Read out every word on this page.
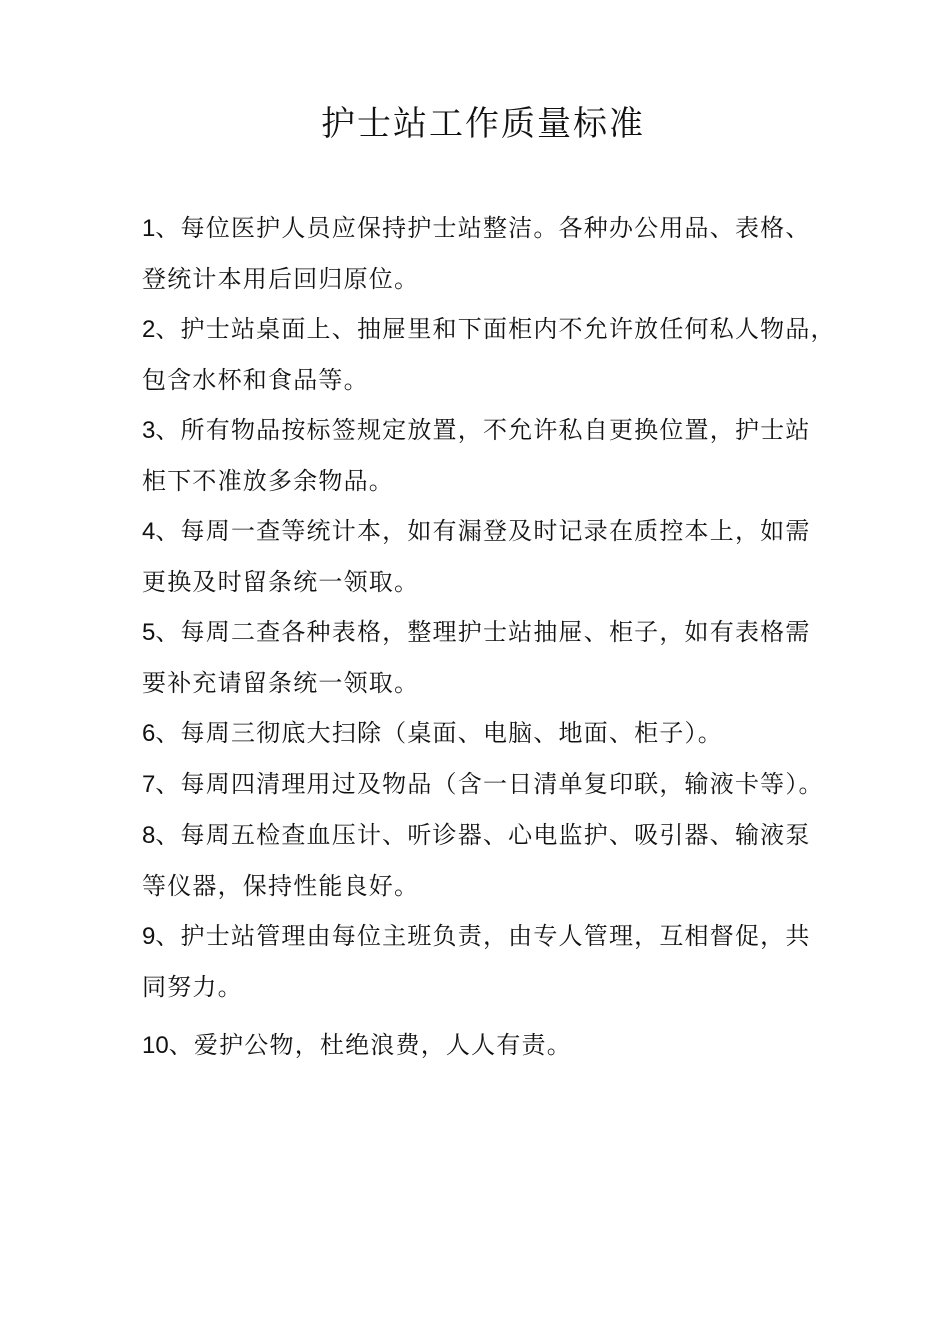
护士站工作质量标准
1、每位医护人员应保持护士站整洁。各种办公用品、表格、
登统计本用后回归原位。
2、护士站桌面上、抽屉里和下面柜内不允许放任何私人物品，
包含水杯和食品等。
3、所有物品按标签规定放置，不允许私自更换位置，护士站
柜下不准放多余物品。
4、每周一查等统计本，如有漏登及时记录在质控本上，如需
更换及时留条统一领取。
5、每周二查各种表格，整理护士站抽屉、柜子，如有表格需
要补充请留条统一领取。
6、每周三彻底大扫除（桌面、电脑、地面、柜子）。
7、每周四清理用过及物品（含一日清单复印联，输液卡等）。
8、每周五检查血压计、听诊器、心电监护、吸引器、输液泵
等仪器，保持性能良好。
9、护士站管理由每位主班负责，由专人管理，互相督促，共
同努力。
10、爱护公物，杜绝浪费，人人有责。
